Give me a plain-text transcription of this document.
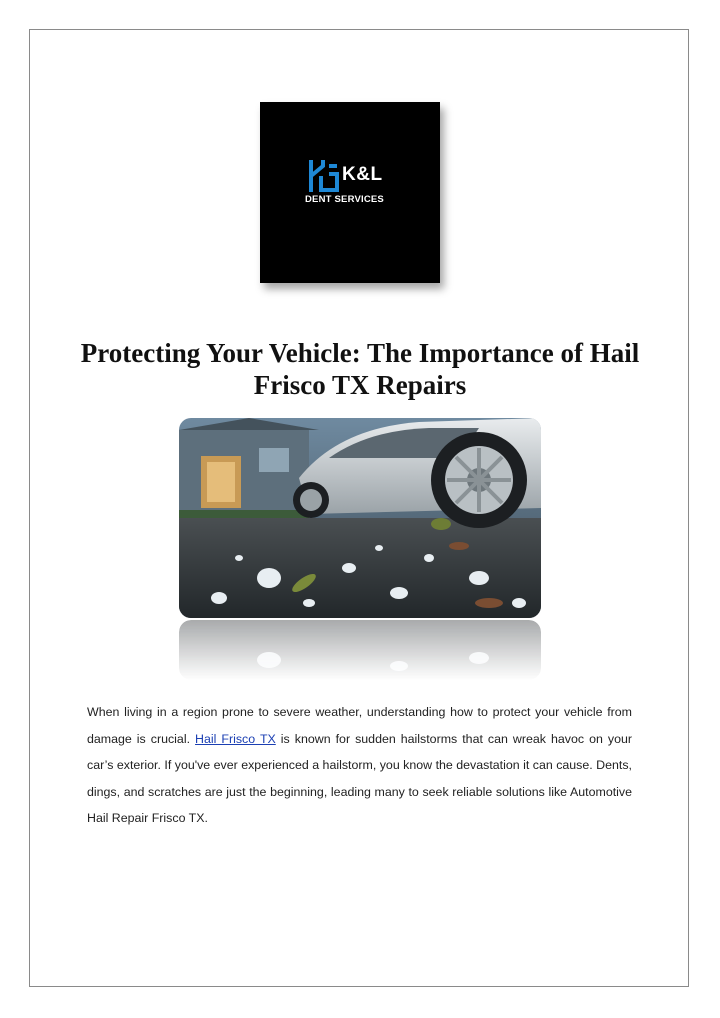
K&L
DENT SERVICES
Protecting Your Vehicle: The Importance of Hail Frisco TX Repairs

When living in a region prone to severe weather, understanding how to protect your vehicle from damage is crucial. Hail Frisco TX is known for sudden hailstorms that can wreak havoc on your car’s exterior. If you've ever experienced a hailstorm, you know the devastation it can cause. Dents, dings, and scratches are just the beginning, leading many to seek reliable solutions like Automotive Hail Repair Frisco TX.
